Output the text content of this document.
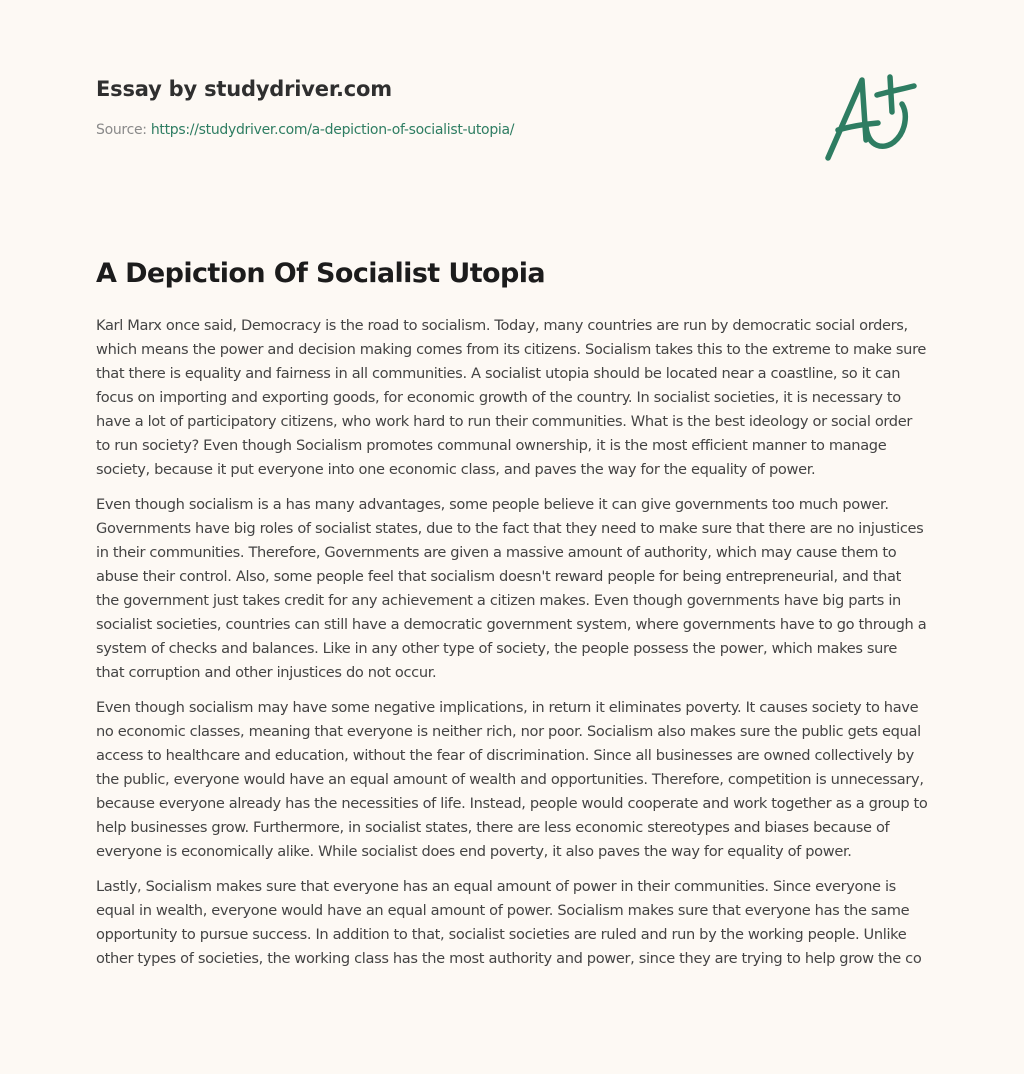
Essay by studydriver.com
Source: https://studydriver.com/a-depiction-of-socialist-utopia/
A Depiction Of Socialist Utopia

Karl Marx once said, Democracy is the road to socialism. Today, many countries are run by democratic social orders, which means the power and decision making comes from its citizens. Socialism takes this to the extreme to make sure that there is equality and fairness in all communities. A socialist utopia should be located near a coastline, so it can focus on importing and exporting goods, for economic growth of the country. In socialist societies, it is necessary to have a lot of participatory citizens, who work hard to run their communities. What is the best ideology or social order to run society? Even though Socialism promotes communal ownership, it is the most efficient manner to manage society, because it put everyone into one economic class, and paves the way for the equality of power.

Even though socialism is a has many advantages, some people believe it can give governments too much power. Governments have big roles of socialist states, due to the fact that they need to make sure that there are no injustices in their communities. Therefore, Governments are given a massive amount of authority, which may cause them to abuse their control. Also, some people feel that socialism doesn't reward people for being entrepreneurial, and that the government just takes credit for any achievement a citizen makes. Even though governments have big parts in socialist societies, countries can still have a democratic government system, where governments have to go through a system of checks and balances. Like in any other type of society, the people possess the power, which makes sure that corruption and other injustices do not occur.

Even though socialism may have some negative implications, in return it eliminates poverty. It causes society to have no economic classes, meaning that everyone is neither rich, nor poor. Socialism also makes sure the public gets equal access to healthcare and education, without the fear of discrimination. Since all businesses are owned collectively by the public, everyone would have an equal amount of wealth and opportunities. Therefore, competition is unnecessary, because everyone already has the necessities of life. Instead, people would cooperate and work together as a group to help businesses grow. Furthermore, in socialist states, there are less economic stereotypes and biases because of everyone is economically alike. While socialist does end poverty, it also paves the way for equality of power.

Lastly, Socialism makes sure that everyone has an equal amount of power in their communities. Since everyone is equal in wealth, everyone would have an equal amount of power. Socialism makes sure that everyone has the same opportunity to pursue success. In addition to that, socialist societies are ruled and run by the working people. Unlike other types of societies, the working class has the most authority and power, since they are trying to help grow the co
